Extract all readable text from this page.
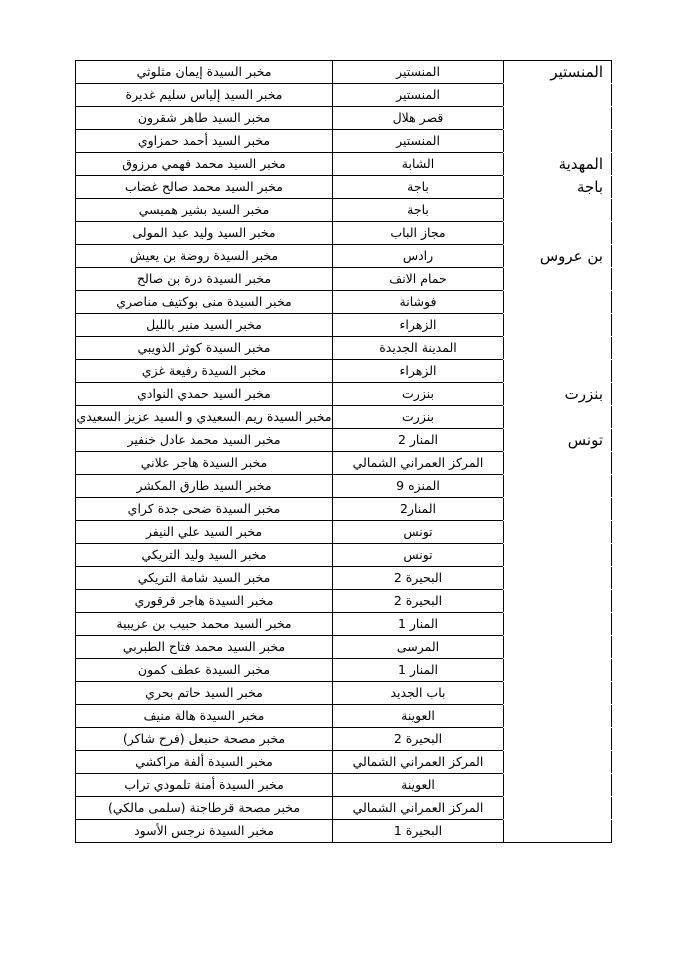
المنستير	المنستير	مخبر السيدة إيمان مثلوثي
	المنستير	مخبر السيد إلياس سليم غديرة
	قصر هلال	مخبر السيد طاهر شقرون
	المنستير	مخبر السيد أحمد حمزاوي
المهدية	الشابة	مخبر السيد محمد فهمي مرزوق
باجة	باجة	مخبر السيد محمد صالح غضاب
	باجة	مخبر السيد بشير هميسي
	مجاز الباب	مخبر السيد وليد عبد المولى
بن عروس	رادس	مخبر السيدة روضة بن يعيش
	حمام الانف	مخبر السيدة درة بن صالح
	فوشانة	مخبر السيدة منى بوكتيف مناصري
	الزهراء	مخبر السيد منير بالليل
	المدينة الجديدة	مخبر السيدة كوثر الذويبي
	الزهراء	مخبر السيدة رفيعة غزي
بنزرت	بنزرت	مخبر السيد حمدي النوادي
	بنزرت	مخبر السيدة ريم السعيدي و السيد عزيز السعيدي
تونس	المنار 2	مخبر السيد محمد عادل خنفير
	المركز العمراني الشمالي	مخبر السيدة هاجر علاني
	المنزه 9	مخبر السيد طارق المكشر
	المنار2	مخبر السيدة ضحى جدة كراي
	تونس	مخبر السيد علي النيفر
	تونس	مخبر السيد وليد التريكي
	البحيرة 2	مخبر السيد شامة التريكي
	البحيرة 2	مخبر السيدة هاجر قرقوري
	المنار 1	مخبر السيد محمد حبيب بن عريبية
	المرسى	مخبر السيد محمد فتاح الطبربي
	المنار 1	مخبر السيدة عطف كمون
	باب الجديد	مخبر السيد حاتم بحري
	العوينة	مخبر السيدة هالة منيف
	البحيرة 2	مخبر مصحة حنبعل (فرح شاكر)
	المركز العمراني الشمالي	مخبر السيدة ألفة مراكشي
	العوينة	مخبر السيدة أمنة تلمودي تراب
	المركز العمراني الشمالي	مخبر مصحة قرطاجنة (سلمى مالكي)
	البحيرة 1	مخبر السيدة نرجس الأسود
